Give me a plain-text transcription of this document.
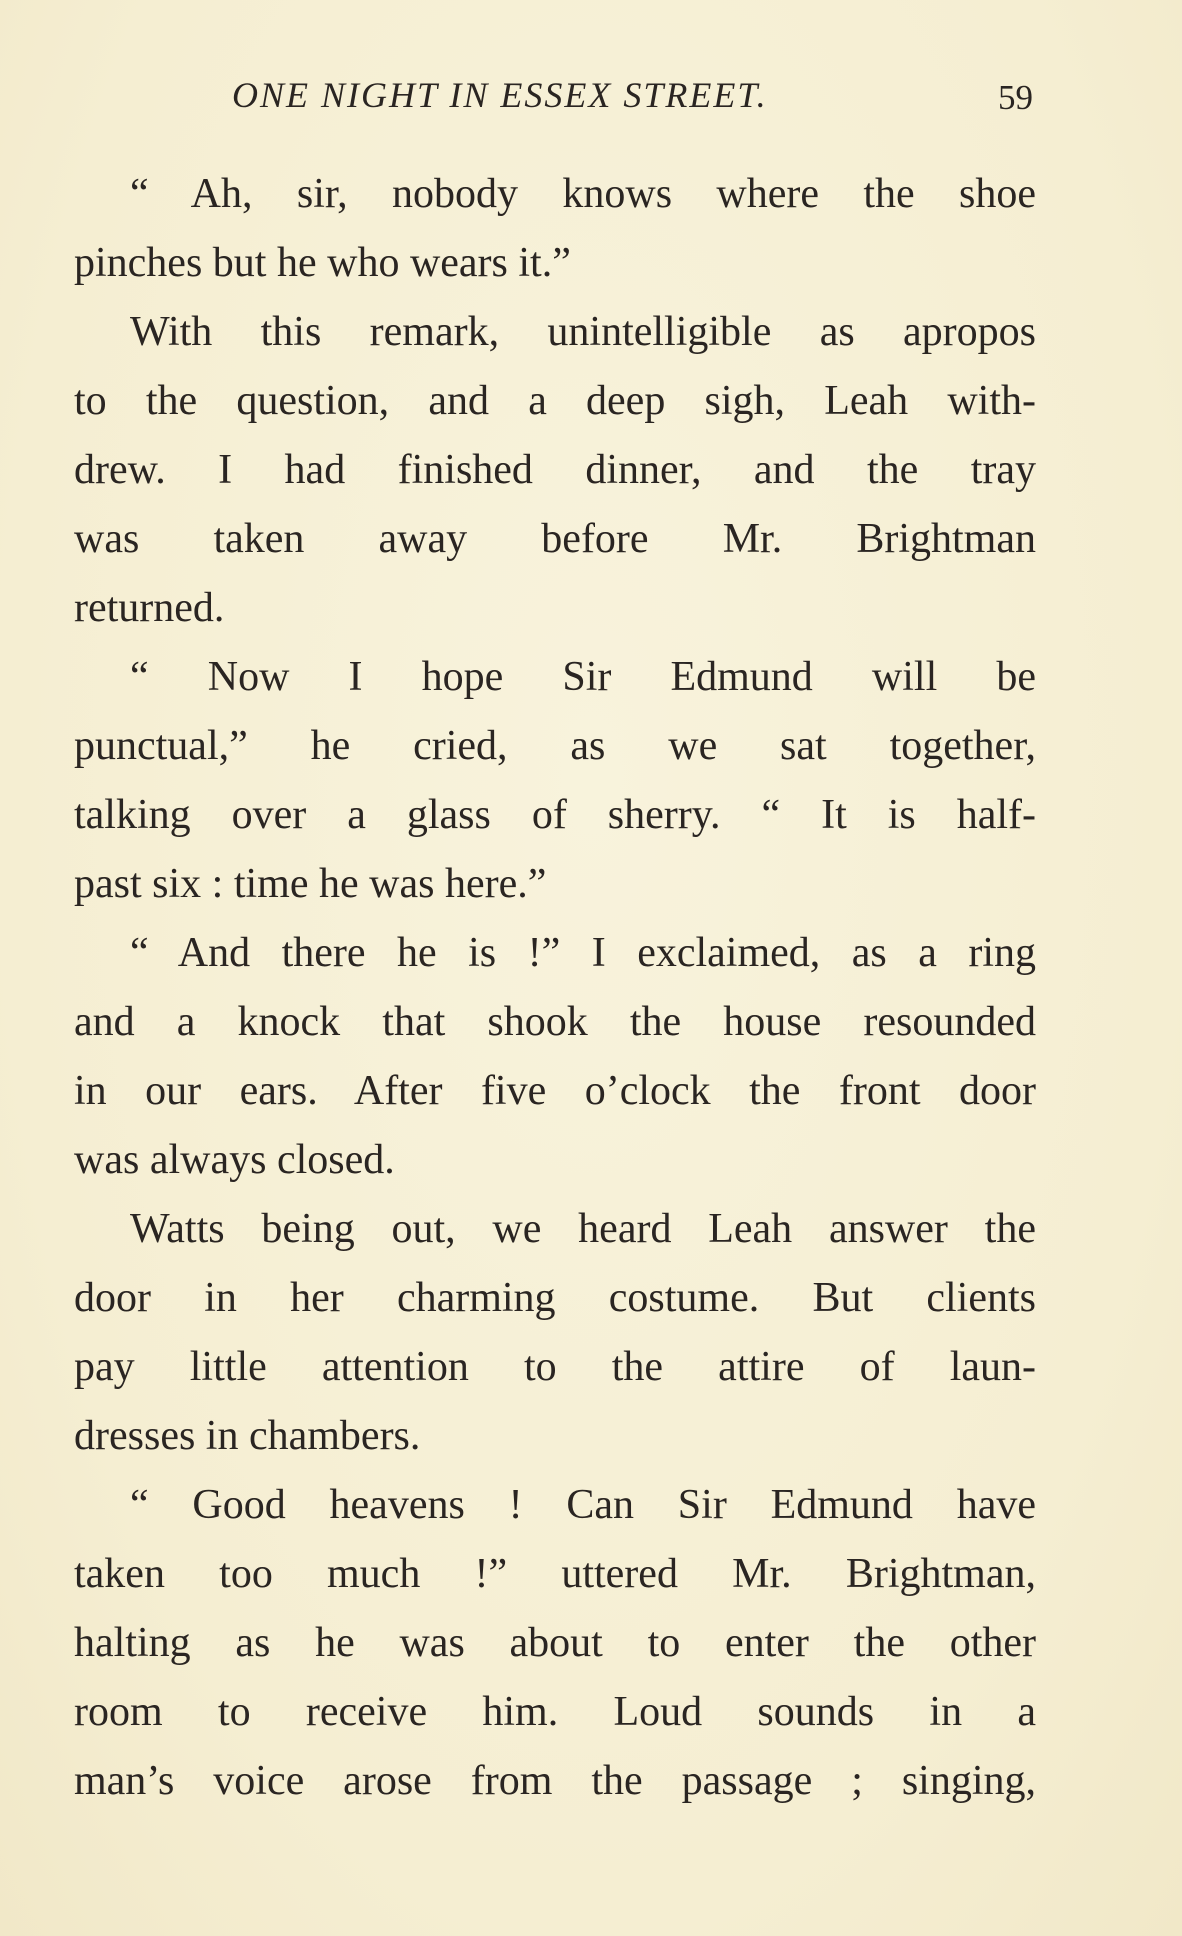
ONE NIGHT IN ESSEX STREET.	59
“ Ah, sir, nobody knows where the shoe
pinches but he who wears it.”
With this remark, unintelligible as apropos
to the question, and a deep sigh, Leah with-
drew. I had finished dinner, and the tray
was taken away before Mr. Brightman
returned.
“ Now I hope Sir Edmund will be
punctual,” he cried, as we sat together,
talking over a glass of sherry. “ It is half-
past six : time he was here.”
“ And there he is !” I exclaimed, as a ring
and a knock that shook the house resounded
in our ears. After five o’clock the front door
was always closed.
Watts being out, we heard Leah answer the
door in her charming costume. But clients
pay little attention to the attire of laun-
dresses in chambers.
“ Good heavens ! Can Sir Edmund have
taken too much !” uttered Mr. Brightman,
halting as he was about to enter the other
room to receive him. Loud sounds in a
man’s voice arose from the passage ; singing,
